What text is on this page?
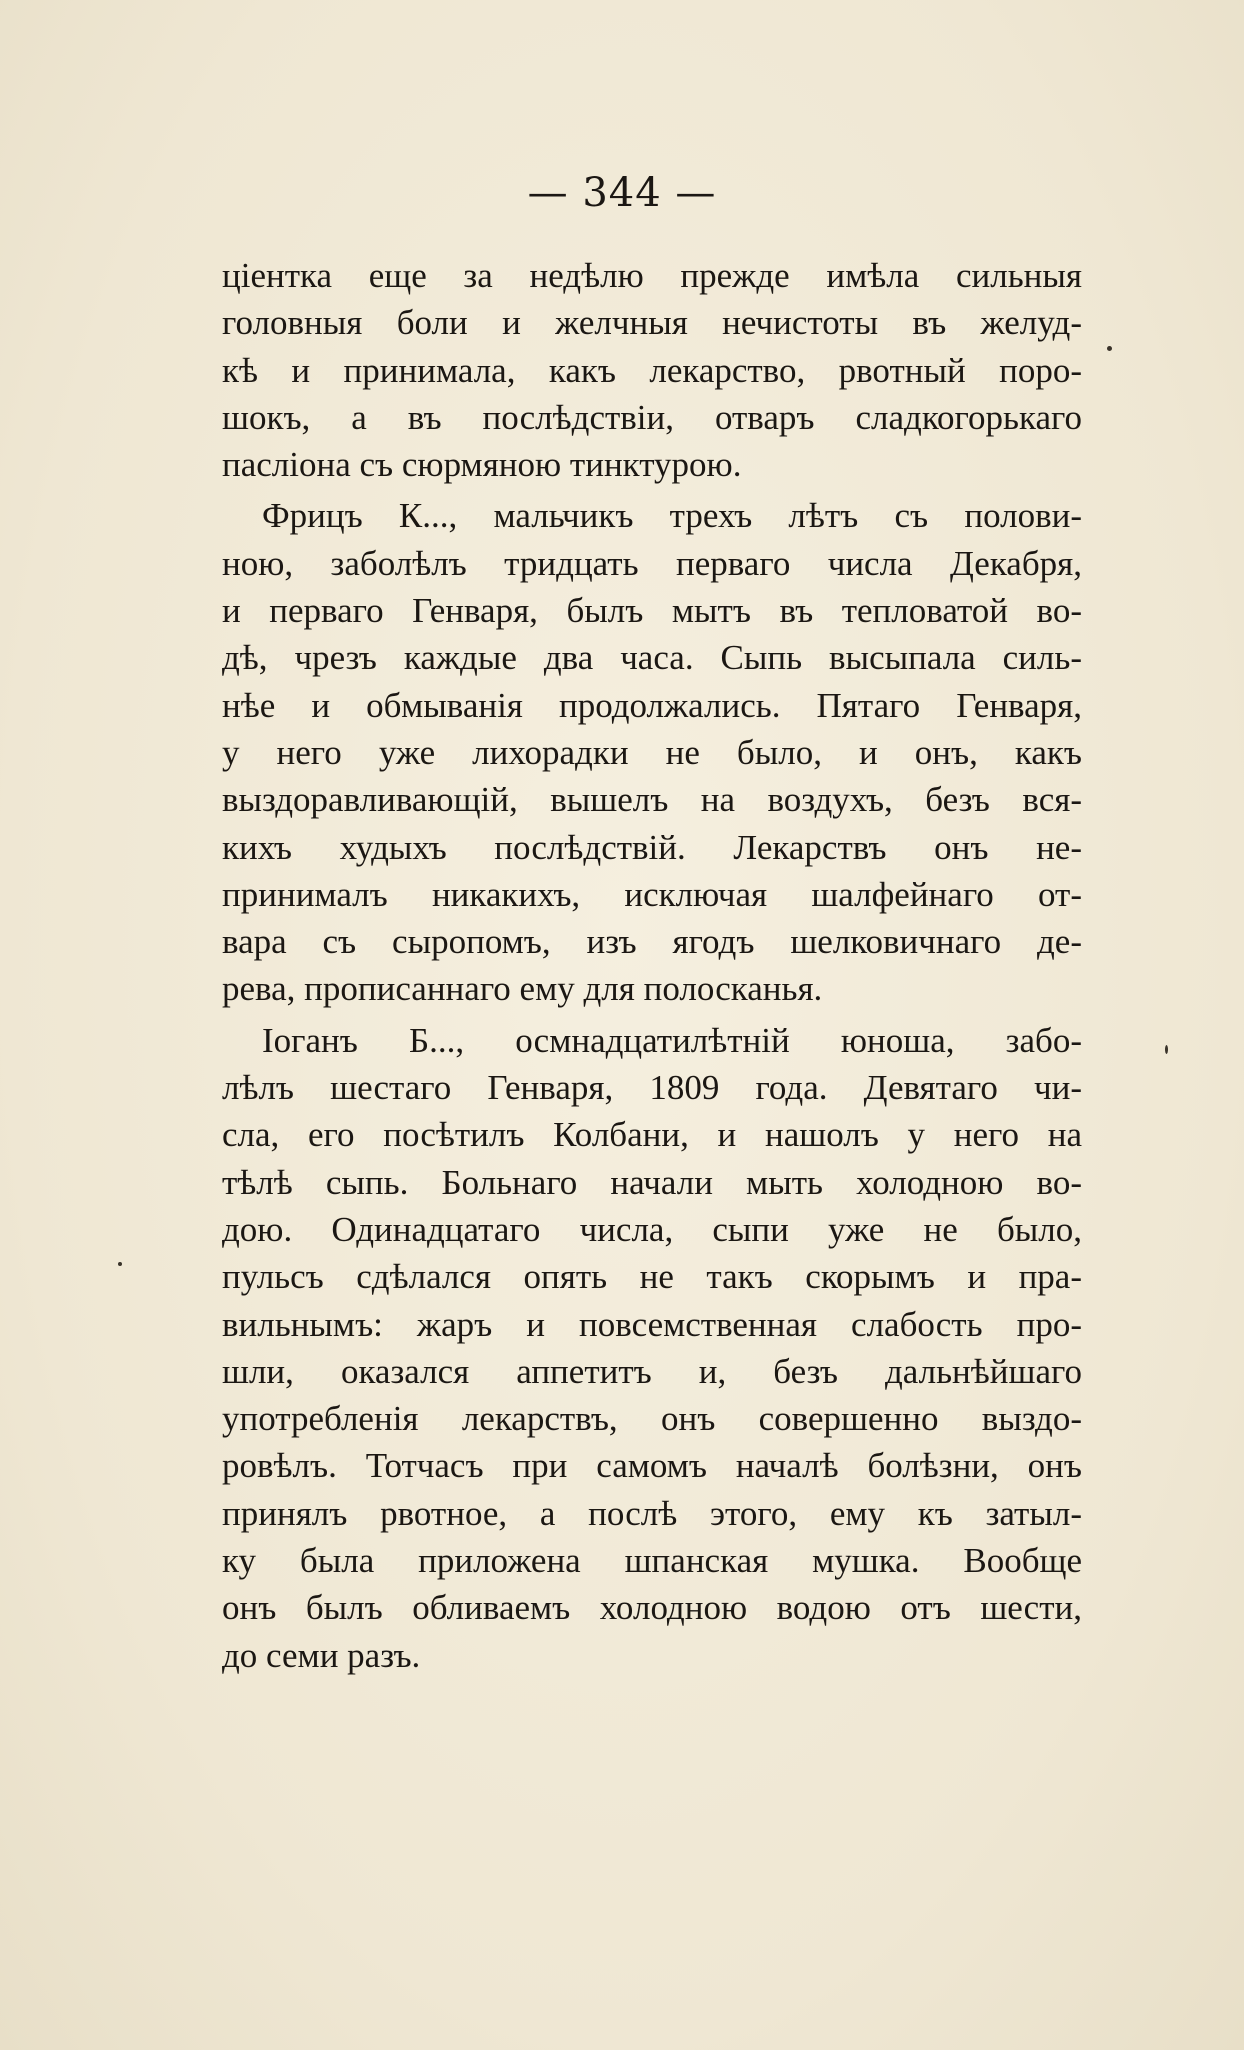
— 344 —
ціентка еще за недѣлю прежде имѣла сильныя
головныя боли и желчныя нечистоты въ желуд-
кѣ и принимала, какъ лекарство, рвотный поро-
шокъ, а въ послѣдствіи, отваръ сладкогорькаго
пасліона съ сюрмяною тинктурою.
Фрицъ К..., мальчикъ трехъ лѣтъ съ полови-
ною, заболѣлъ тридцать перваго числа Декабря,
и перваго Генваря, былъ мытъ въ тепловатой во-
дѣ, чрезъ каждые два часа. Сыпь высыпала силь-
нѣе и обмыванія продолжались. Пятаго Генваря,
у него уже лихорадки не было, и онъ, какъ
выздоравливающій, вышелъ на воздухъ, безъ вся-
кихъ худыхъ послѣдствій. Лекарствъ онъ не-
принималъ никакихъ, исключая шалфейнаго от-
вара съ сыропомъ, изъ ягодъ шелковичнаго де-
рева, прописаннаго ему для полосканья.
Іоганъ Б..., осмнадцатилѣтній юноша, забо-
лѣлъ шестаго Генваря, 1809 года. Девятаго чи-
сла, его посѣтилъ Колбани, и нашолъ у него на
тѣлѣ сыпь. Больнаго начали мыть холодною во-
дою. Одинадцатаго числа, сыпи уже не было,
пульсъ сдѣлался опять не такъ скорымъ и пра-
вильнымъ: жаръ и повсемственная слабость про-
шли, оказался аппетитъ и, безъ дальнѣйшаго
употребленія лекарствъ, онъ совершенно выздо-
ровѣлъ. Тотчасъ при самомъ началѣ болѣзни, онъ
принялъ рвотное, а послѣ этого, ему къ затыл-
ку была приложена шпанская мушка. Вообще
онъ былъ обливаемъ холодною водою отъ шести,
до семи разъ.
